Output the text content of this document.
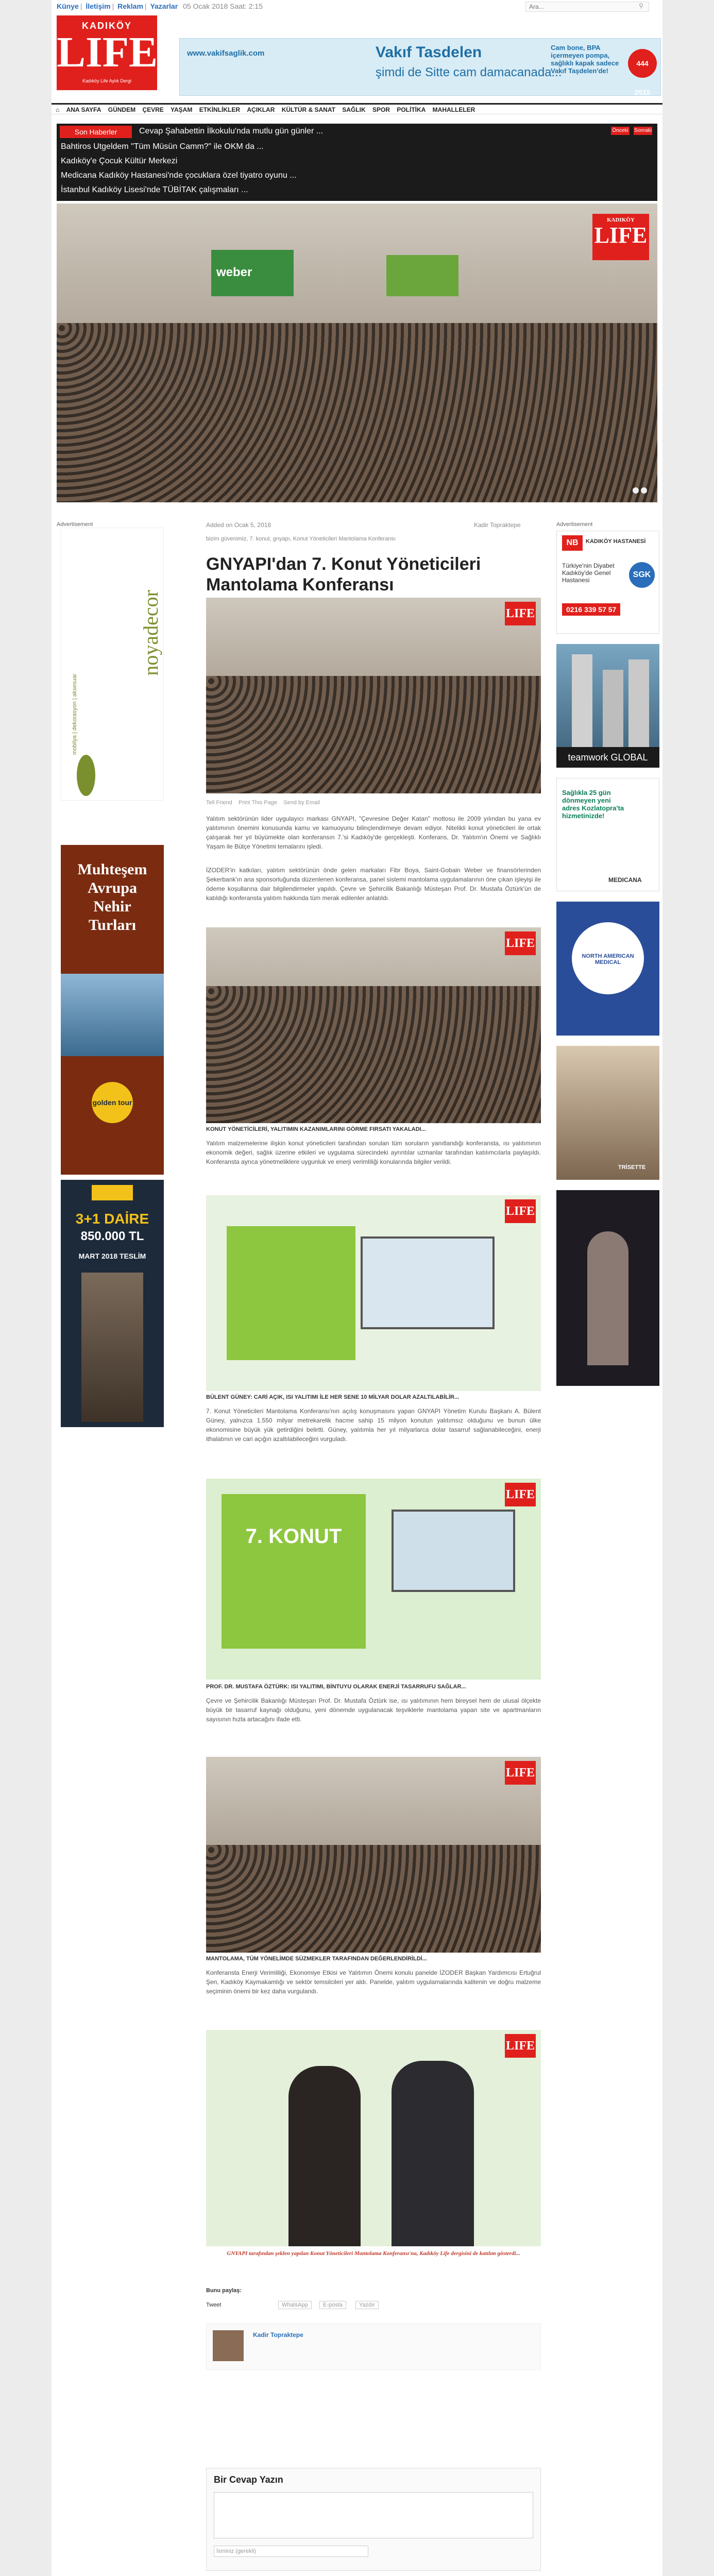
Künye | İletişim | Reklam | Yazarlar 05 Ocak 2018 Saat: 2:15
Ara...	⚲
KADIKÖY
LIFE
Kadıköy Life Aylık Dergi
www.vakifsaglik.com	Vakıf Tasdelen
şimdi de Sitte cam damacanada...
Cam bone, BPA içermeyen pompa, sağlıklı kapak sadece Vakıf Taşdelen'de!
444 2515
⌂ ANA SAYFA GÜNDEM ÇEVRE YAŞAM ETKİNLİKLER AÇIKLAR KÜLTÜR & SANAT SAĞLIK SPOR POLİTİKA MAHALLELER
Son Haberler	Cevap Şahabettin İlkokulu'nda mutlu gün günler ...
Bahtiros Utgeldem "Tüm Müsün Camm?" ile OKM da ...
Kadıköy'e Çocuk Kültür Merkezi
Medicana Kadıköy Hastanesi'nde çocuklara özel tiyatro oyunu ...
İstanbul Kadıköy Lisesi'nde TÜBİTAK çalışmaları ...
Önceki Sonraki
weber
KADIKÖY
LIFE
Advertisement
noyadecor
mobilya | dekorasyon | aksesuar
Muhteşem
Avrupa
Nehir
Turları
golden tour
3+1 DAİRE
850.000 TL
MART 2018 TESLİM
Added on Ocak 5, 2018	Kadir Topraktepe
bizim güvenimiz, 7. konut, gnyapı, Konut Yöneticileri Mantolama Konferansı
GNYAPI'dan 7. Konut Yöneticileri Mantolama Konferansı
LIFE
Tell Friend Print This Page Send by Email
Yalıtım sektörünün lider uygulayıcı markası GNYAPI, "Çevresine Değer Katan" mottosu ile 2009 yılından bu yana ev yalıtımının önemini konusunda kamu ve kamuoyunu bilinçlendirmeye devam ediyor. Nitelikli konut yöneticileri ile ortak çalışarak her yıl büyümekte olan konferansın 7.'si Kadıköy'de gerçekleşti. Konferans, Dr. Yalıtım'ın Önemi ve Sağlıklı Yaşam ile Bütçe Yönetimi temalarını işledi.
İZODER'in katkıları, yalıtım sektörünün önde gelen markaları Fibr Boya, Saint-Gobain Weber ve finansörlerinden Şekerbank'ın ana sponsorluğunda düzenlenen konferansa, panel sistemi mantolama uygulamalarının öne çıkan işleyişi ile ödeme koşullarına dair bilgilendirmeler yapıldı. Çevre ve Şehircilik Bakanlığı Müsteşarı Prof. Dr. Mustafa Öztürk'ün de katıldığı konferansta yalıtım hakkında tüm merak edilenler anlatıldı.
LIFE
KONUT YÖNETİCİLERİ, YALITIMIN KAZANIMLARINI GÖRME FIRSATI YAKALADI...
Yalıtım malzemelerine ilişkin konut yöneticileri tarafından sorulan tüm soruların yanıtlandığı konferansta, ısı yalıtımının ekonomik değeri, sağlık üzerine etkileri ve uygulama sürecindeki ayrıntılar uzmanlar tarafından katılımcılarla paylaşıldı. Konferansta ayrıca yönetmeliklere uygunluk ve enerji verimliliği konularında bilgiler verildi.
LIFE
BÜLENT GÜNEY: CARİ AÇIK, ISI YALITIMI İLE HER SENE 10 MİLYAR DOLAR AZALTILABİLİR...
7. Konut Yöneticileri Mantolama Konferansı'nın açılış konuşmasını yapan GNYAPI Yönetim Kurulu Başkanı A. Bülent Güney, yalnızca 1.550 milyar metrekarelik hacme sahip 15 milyon konutun yalıtımsız olduğunu ve bunun ülke ekonomisine büyük yük getirdiğini belirtti. Güney, yalıtımla her yıl milyarlarca dolar tasarruf sağlanabileceğini, enerji ithalatının ve cari açığın azaltılabileceğini vurguladı.
7. KONUT
LIFE
PROF. DR. MUSTAFA ÖZTÜRK: ISI YALITIMI, BİNTUYU OLARAK ENERJİ TASARRUFU SAĞLAR...
Çevre ve Şehircilik Bakanlığı Müsteşarı Prof. Dr. Mustafa Öztürk ise, ısı yalıtımının hem bireysel hem de ulusal ölçekte büyük bir tasarruf kaynağı olduğunu, yeni dönemde uygulanacak teşviklerle mantolama yapan site ve apartmanların sayısının hızla artacağını ifade etti.
LIFE
MANTOLAMA, TÜM YÖNELİMDE SÜZMEKLER TARAFINDAN DEĞERLENDİRİLDİ...
Konferansta Enerji Verimliliği, Ekonomiye Etkisi ve Yalıtımın Önemi konulu panelde İZODER Başkan Yardımcısı Ertuğrul Şen, Kadıköy Kaymakamlığı ve sektör temsilcileri yer aldı. Panelde, yalıtım uygulamalarında kalitenin ve doğru malzeme seçiminin önemi bir kez daha vurgulandı.
LIFE
GNYAPI tarafından şeklen yapılan Konut Yöneticileri Mantolama Konferansı'na, Kadıköy Life dergisini de katılım gösterdi...
Bunu paylaş:
Tweet	WhatsApp	E-posta	Yazdır
Kadir Topraktepe
Bir Cevap Yazın
İsminiz (gerekli)
Advertisement
NB	KADIKÖY HASTANESİ
Türkiye'nin Diyabet Kadıköy'de Genel Hastanesi
SGK
0216 339 57 57
teamwork GLOBAL
Sağlıkla 25 gün dönmeyen yeni adres Kozlatopra'ta hizmetinizde!
MEDICANA
NORTH AMERICAN MEDICAL
TRİSETTE
